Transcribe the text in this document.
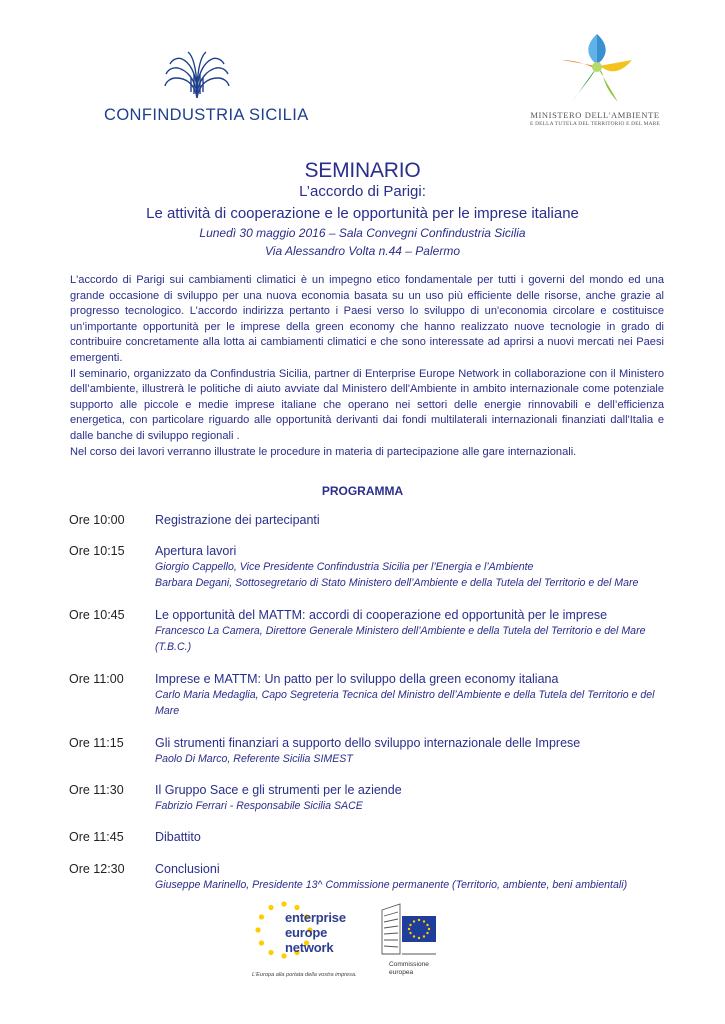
CONFINDUSTRIA SICILIA	MINISTERO DELL'AMBIENTE
E DELLA TUTELA DEL TERRITORIO E DEL MARE
SEMINARIO
L’accordo di Parigi:
Le attività di cooperazione e le opportunità per le imprese italiane
Lunedì 30 maggio 2016 – Sala Convegni Confindustria Sicilia
Via Alessandro Volta n.44 – Palermo

L'accordo di Parigi sui cambiamenti climatici è un impegno etico fondamentale per tutti i governi del mondo ed una grande occasione di sviluppo per una nuova economia basata su un uso più efficiente delle risorse, anche grazie al progresso tecnologico. L’accordo indirizza pertanto i Paesi verso lo sviluppo di un'economia circolare e costituisce un’importante opportunità per le imprese della green economy che hanno realizzato nuove tecnologie in grado di contribuire concretamente alla lotta ai cambiamenti climatici e che sono interessate ad aprirsi a nuovi mercati nei Paesi emergenti.

Il seminario, organizzato da Confindustria Sicilia, partner di Enterprise Europe Network in collaborazione con il Ministero dell’ambiente, illustrerà le politiche di aiuto avviate dal Ministero dell'Ambiente in ambito internazionale come potenziale supporto alle piccole e medie imprese italiane che operano nei settori delle energie rinnovabili e dell’efficienza energetica, con particolare riguardo alle opportunità derivanti dai fondi multilaterali internazionali finanziati dall'Italia e dalle banche di sviluppo regionali .

Nel corso dei lavori verranno illustrate le procedure in materia di partecipazione alle gare internazionali.

PROGRAMMA
Ore 10:00 Registrazione dei partecipanti
Ore 10:15 Apertura lavori
Giorgio Cappello, Vice Presidente Confindustria Sicilia per l’Energia e l’Ambiente
Barbara Degani, Sottosegretario di Stato Ministero dell’Ambiente e della Tutela del Territorio e del Mare
Ore 10:45 Le opportunità del MATTM: accordi di cooperazione ed opportunità per le imprese
Francesco La Camera, Direttore Generale Ministero dell’Ambiente e della Tutela del Territorio e del Mare (T.B.C.)
Ore 11:00	Imprese e MATTM: Un patto per lo sviluppo della green economy italiana
Carlo Maria Medaglia, Capo Segreteria Tecnica del Ministro dell’Ambiente e della Tutela del Territorio e del Mare
Ore 11:15	Gli strumenti finanziari a supporto dello sviluppo internazionale delle Imprese
Paolo Di Marco, Referente Sicilia SIMEST
Ore 11:30	Il Gruppo Sace e gli strumenti per le aziende
Fabrizio Ferrari - Responsabile Sicilia SACE
Ore 11:45	Dibattito
Ore 12:30 Conclusioni
Giuseppe Marinello, Presidente 13^ Commissione permanente (Territorio, ambiente, beni ambientali)
enterprise
europe
network
L'Europa alla portata della vostra impresa.
Commissione
europea
